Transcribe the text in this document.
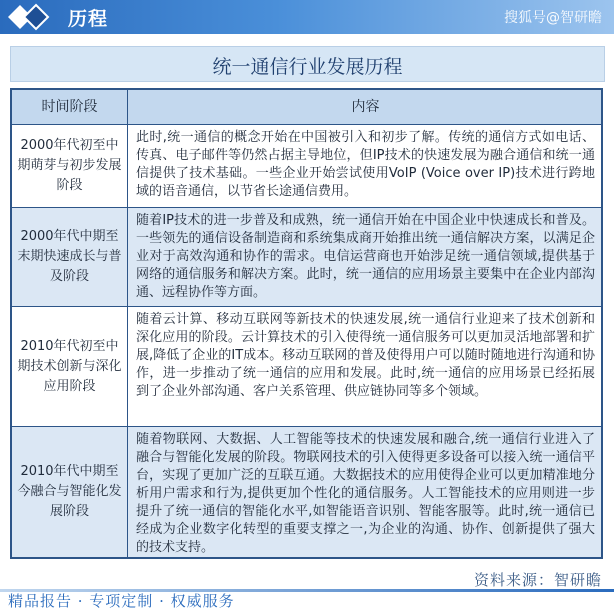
历程	搜狐号@智研瞻
统一通信行业发展历程
时间阶段	内容
2000年代初至中期萌芽与初步发展阶段
此时,统一通信的概念开始在中国被引入和初步了解。传统的通信方式如电话、传真、电子邮件等仍然占据主导地位，但IP技术的快速发展为融合通信和统一通信提供了技术基础。一些企业开始尝试使用VoIP (Voice over IP)技术进行跨地域的语音通信，以节省长途通信费用。
2000年代中期至末期快速成长与普及阶段
随着IP技术的进一步普及和成熟，统一通信开始在中国企业中快速成长和普及。一些领先的通信设备制造商和系统集成商开始推出统一通信解决方案，以满足企业对于高效沟通和协作的需求。电信运营商也开始涉足统一通信领域,提供基于网络的通信服务和解决方案。此时，统一通信的应用场景主要集中在企业内部沟通、远程协作等方面。
2010年代初至中期技术创新与深化应用阶段
随着云计算、移动互联网等新技术的快速发展,统一通信行业迎来了技术创新和深化应用的阶段。云计算技术的引入使得统一通信服务可以更加灵活地部署和扩展,降低了企业的IT成本。移动互联网的普及使得用户可以随时随地进行沟通和协作，进一步推动了统一通信的应用和发展。此时,统一通信的应用场景已经拓展到了企业外部沟通、客户关系管理、供应链协同等多个领域。
2010年代中期至今融合与智能化发展阶段
随着物联网、大数据、人工智能等技术的快速发展和融合,统一通信行业进入了融合与智能化发展的阶段。物联网技术的引入使得更多设备可以接入统一通信平台，实现了更加广泛的互联互通。大数据技术的应用使得企业可以更加精准地分析用户需求和行为,提供更加个性化的通信服务。人工智能技术的应用则进一步提升了统一通信的智能化水平,如智能语音识别、智能客服等。此时,统一通信已经成为企业数字化转型的重要支撑之一,为企业的沟通、协作、创新提供了强大的技术支持。
资料来源：智研瞻
精品报告 · 专项定制 · 权威服务
